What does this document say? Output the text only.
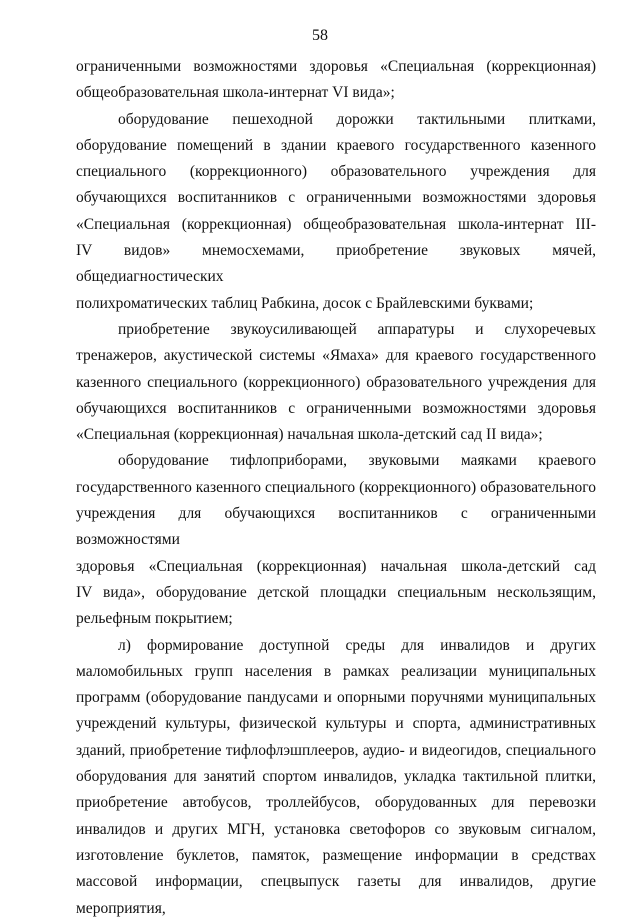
58
ограниченными возможностями здоровья «Специальная (коррекционная)
общеобразовательная школа-интернат VI вида»;
оборудование пешеходной дорожки тактильными плитками,
оборудование помещений в здании краевого государственного казенного
специального (коррекционного) образовательного учреждения для
обучающихся воспитанников с ограниченными возможностями здоровья
«Специальная (коррекционная) общеобразовательная школа-интернат III-
IV видов» мнемосхемами, приобретение звуковых мячей, общедиагностических
полихроматических таблиц Рабкина, досок с Брайлевскими буквами;
приобретение звукоусиливающей аппаратуры и слухоречевых
тренажеров, акустической системы «Ямаха» для краевого государственного
казенного специального (коррекционного) образовательного учреждения для
обучающихся воспитанников с ограниченными возможностями здоровья
«Специальная (коррекционная) начальная школа-детский сад II вида»;
оборудование тифлоприборами, звуковыми маяками краевого
государственного казенного специального (коррекционного) образовательного
учреждения для обучающихся воспитанников с ограниченными возможностями
здоровья «Специальная (коррекционная) начальная школа-детский сад
IV вида», оборудование детской площадки специальным нескользящим,
рельефным покрытием;
л) формирование доступной среды для инвалидов и других
маломобильных групп населения в рамках реализации муниципальных
программ (оборудование пандусами и опорными поручнями муниципальных
учреждений культуры, физической культуры и спорта, административных
зданий, приобретение тифлофлэшплееров, аудио- и видеогидов, специального
оборудования для занятий спортом инвалидов, укладка тактильной плитки,
приобретение автобусов, троллейбусов, оборудованных для перевозки
инвалидов и других МГН, установка светофоров со звуковым сигналом,
изготовление буклетов, памяток, размещение информации в средствах
массовой информации, спецвыпуск газеты для инвалидов, другие мероприятия,
